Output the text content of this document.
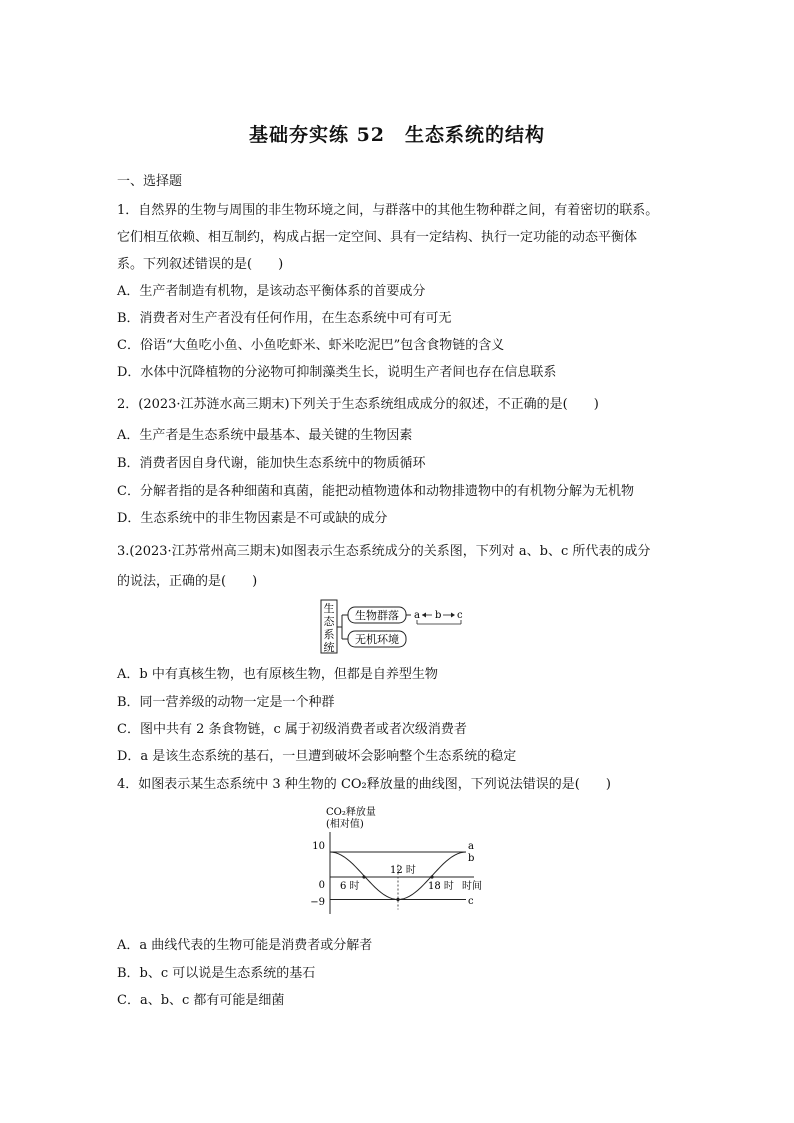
基础夯实练 52　生态系统的结构
一、选择题
1．自然界的生物与周围的非生物环境之间，与群落中的其他生物种群之间，有着密切的联系。
它们相互依赖、相互制约，构成占据一定空间、具有一定结构、执行一定功能的动态平衡体
系。下列叙述错误的是(　　)
A．生产者制造有机物，是该动态平衡体系的首要成分
B．消费者对生产者没有任何作用，在生态系统中可有可无
C．俗语“大鱼吃小鱼、小鱼吃虾米、虾米吃泥巴”包含食物链的含义
D．水体中沉降植物的分泌物可抑制藻类生长，说明生产者间也存在信息联系
2．(2023·江苏涟水高三期末)下列关于生态系统组成成分的叙述，不正确的是(　　)
A．生产者是生态系统中最基本、最关键的生物因素
B．消费者因自身代谢，能加快生态系统中的物质循环
C．分解者指的是各种细菌和真菌，能把动植物遗体和动物排遗物中的有机物分解为无机物
D．生态系统中的非生物因素是不可或缺的成分
3.(2023·江苏常州高三期末)如图表示生态系统成分的关系图，下列对 a、b、c 所代表的成分
的说法，正确的是(　　)
生
态
系
统
生物群落
无机环境
a b c
A．b 中有真核生物，也有原核生物，但都是自养型生物
B．同一营养级的动物一定是一个种群
C．图中共有 2 条食物链，c 属于初级消费者或者次级消费者
D．a 是该生态系统的基石，一旦遭到破坏会影响整个生态系统的稳定
4．如图表示某生态系统中 3 种生物的 CO₂释放量的曲线图，下列说法错误的是(　　)
CO₂释放量
(相对值)
10
0
−9
6 时
12 时
18 时 时间
a
b
c
A．a 曲线代表的生物可能是消费者或分解者
B．b、c 可以说是生态系统的基石
C．a、b、c 都有可能是细菌
